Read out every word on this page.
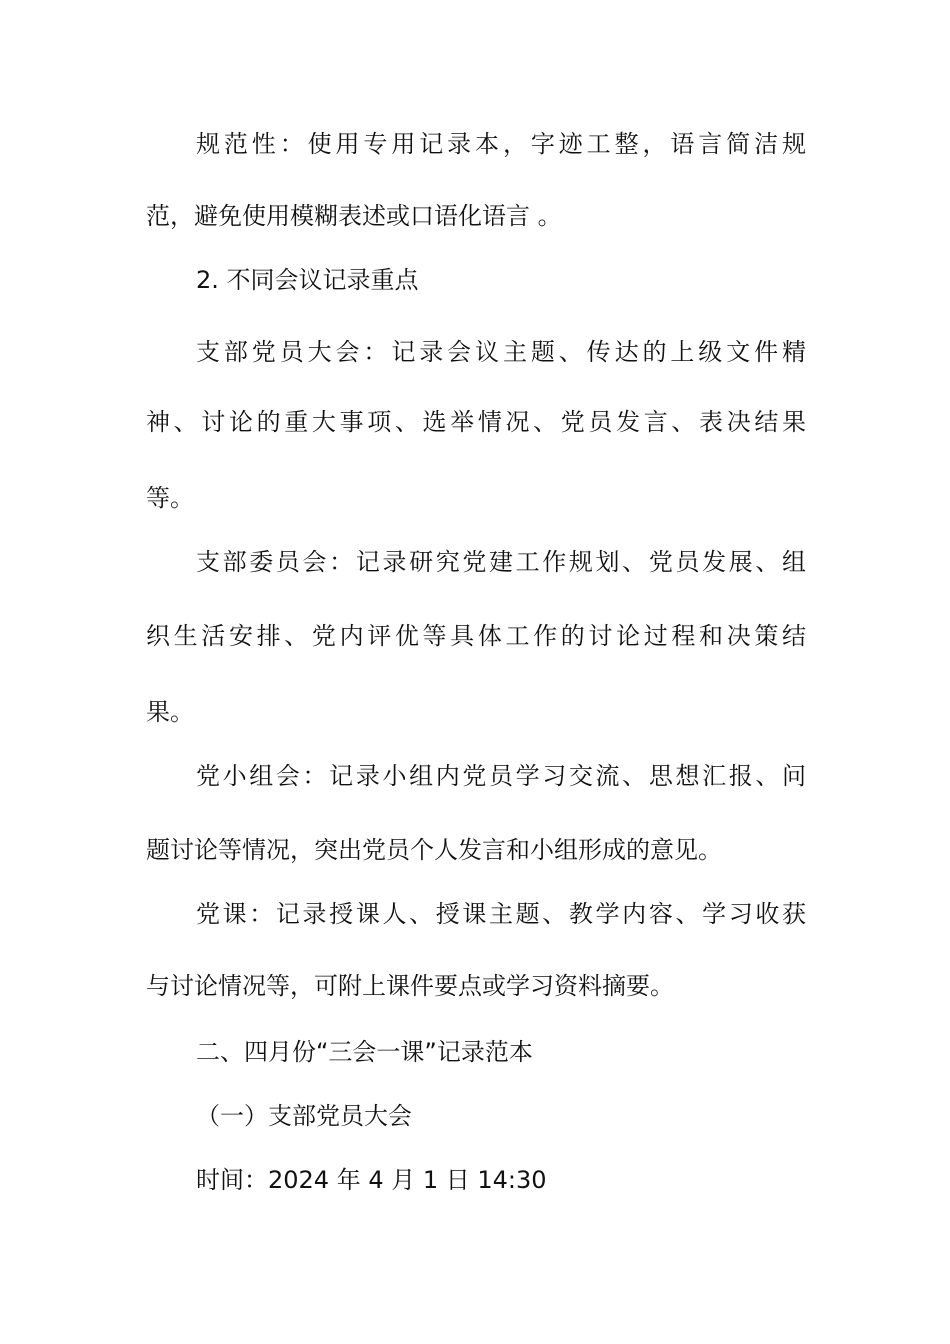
规范性：使用专用记录本，字迹工整，语言简洁规
范，避免使用模糊表述或口语化语言 。
2. 不同会议记录重点
支部党员大会：记录会议主题、传达的上级文件精
神、讨论的重大事项、选举情况、党员发言、表决结果
等。
支部委员会：记录研究党建工作规划、党员发展、组
织生活安排、党内评优等具体工作的讨论过程和决策结
果。
党小组会：记录小组内党员学习交流、思想汇报、问
题讨论等情况，突出党员个人发言和小组形成的意见。
党课：记录授课人、授课主题、教学内容、学习收获
与讨论情况等，可附上课件要点或学习资料摘要。
二、四月份“三会一课”记录范本
（一）支部党员大会
时间：2024 年 4 月 1 日 14:30
